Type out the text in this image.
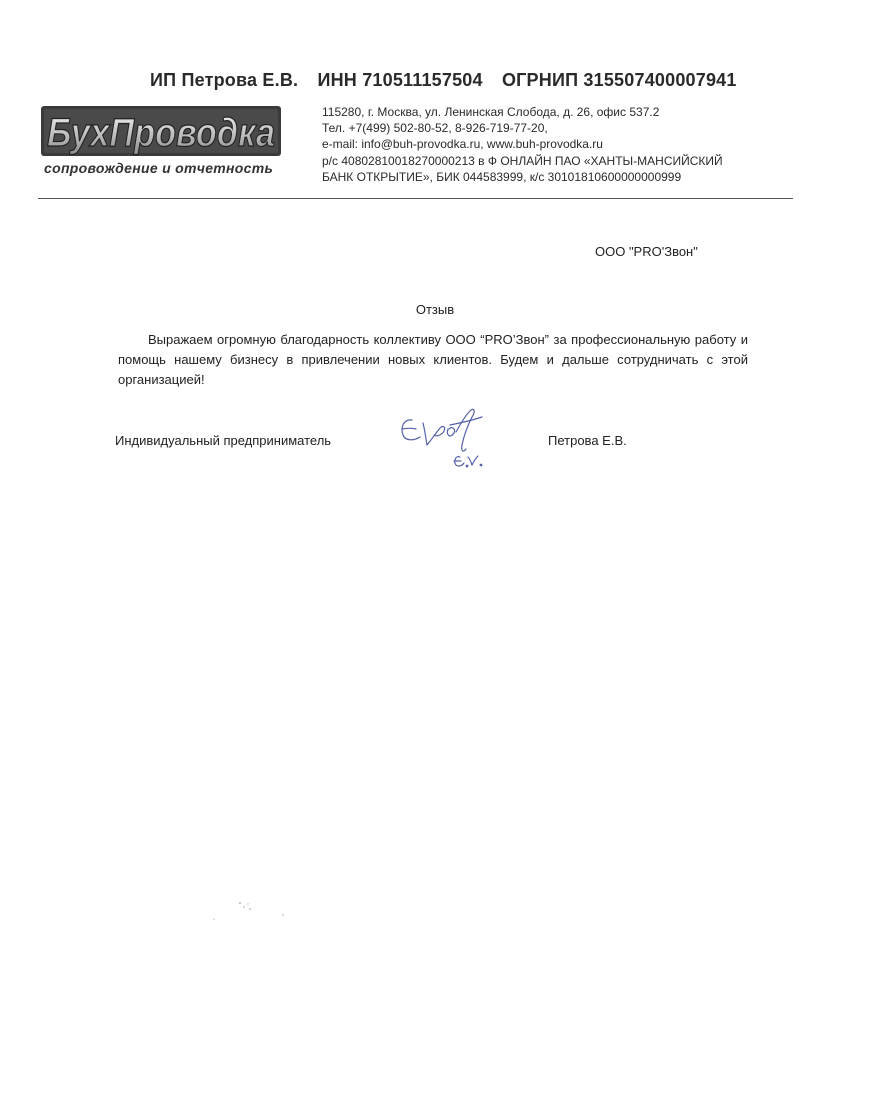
ИП Петрова Е.В. ИНН 710511157504 ОГРНИП 315507400007941
БухПроводка
сопровождение и отчетность
115280, г. Москва, ул. Ленинская Слобода, д. 26, офис 537.2
Тел. +7(499) 502-80-52, 8-926-719-77-20,
e-mail: info@buh-provodka.ru, www.buh-provodka.ru
р/с 40802810018270000213 в Ф ОНЛАЙН ПАО «ХАНТЫ-МАНСИЙСКИЙ
БАНК ОТКРЫТИЕ», БИК 044583999, к/с 30101810600000000999
ООО "PRO'Звон"
Отзыв
Выражаем огромную благодарность коллективу ООО “PRO’Звон” за профессиональную работу и помощь нашему бизнесу в привлечении новых клиентов. Будем и дальше сотрудничать с этой организацией!
Индивидуальный предприниматель	Петрова Е.В.
